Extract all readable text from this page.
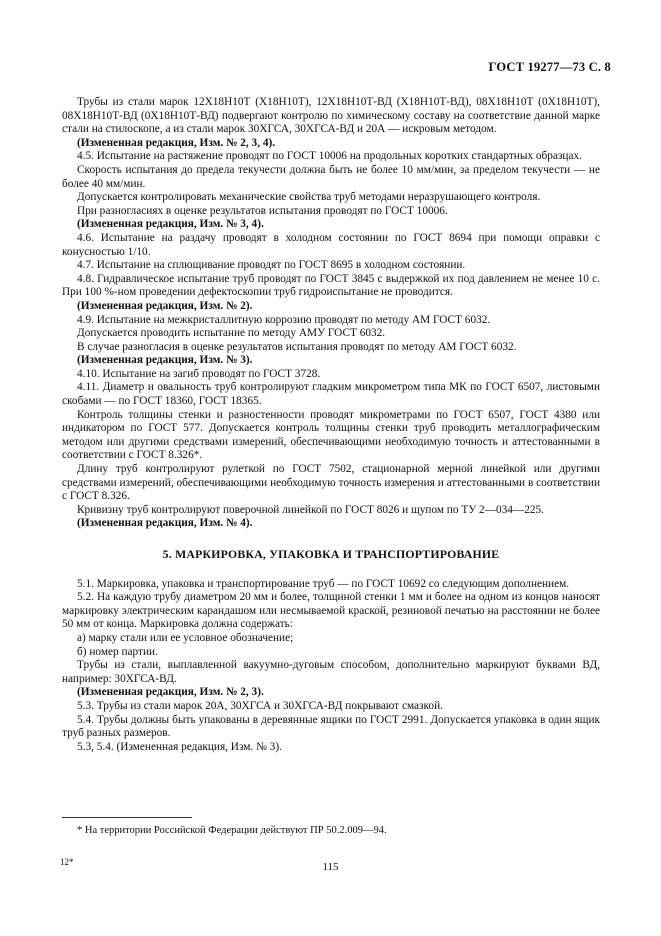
ГОСТ 19277—73 С. 8

Трубы из стали марок 12Х18Н10Т (Х18Н10Т), 12Х18Н10Т-ВД (Х18Н10Т-ВД), 08Х18Н10Т (0Х18Н10Т), 08Х18Н10Т-ВД (0Х18Н10Т-ВД) подвергают контролю по химическому составу на соответствие данной марке стали на стилоскопе, а из стали марок 30ХГСА, 30ХГСА-ВД и 20А — искровым методом.

(Измененная редакция, Изм. № 2, 3, 4).

4.5. Испытание на растяжение проводят по ГОСТ 10006 на продольных коротких стандартных образцах.

Скорость испытания до предела текучести должна быть не более 10 мм/мин, за пределом текучести — не более 40 мм/мин.

Допускается контролировать механические свойства труб методами неразрушающего контроля.

При разногласиях в оценке результатов испытания проводят по ГОСТ 10006.

(Измененная редакция, Изм. № 3, 4).

4.6. Испытание на раздачу проводят в холодном состоянии по ГОСТ 8694 при помощи оправки с конусностью 1/10.

4.7. Испытание на сплющивание проводят по ГОСТ 8695 в холодном состоянии.

4.8. Гидравлическое испытание труб проводят по ГОСТ 3845 с выдержкой их под давлением не менее 10 с. При 100 %-ном проведении дефектоскопии труб гидроиспытание не проводится.

(Измененная редакция, Изм. № 2).

4.9. Испытание на межкристаллитную коррозию проводят по методу АМ ГОСТ 6032.

Допускается проводить испытание по методу АМУ ГОСТ 6032.

В случае разногласия в оценке результатов испытания проводят по методу АМ ГОСТ 6032.

(Измененная редакция, Изм. № 3).

4.10. Испытание на загиб проводят по ГОСТ 3728.

4.11. Диаметр и овальность труб контролируют гладким микрометром типа МК по ГОСТ 6507, листовыми скобами — по ГОСТ 18360, ГОСТ 18365.

Контроль толщины стенки и разностенности проводят микрометрами по ГОСТ 6507, ГОСТ 4380 или индикатором по ГОСТ 577. Допускается контроль толщины стенки труб проводить металлографическим методом или другими средствами измерений, обеспечивающими необходимую точность и аттестованными в соответствии с ГОСТ 8.326*.

Длину труб контролируют рулеткой по ГОСТ 7502, стационарной мерной линейкой или другими средствами измерений, обеспечивающими необходимую точность измерения и аттестованными в соответствии с ГОСТ 8.326.

Кривизну труб контролируют поверочной линейкой по ГОСТ 8026 и щупом по ТУ 2—034—225.

(Измененная редакция, Изм. № 4).

5. МАРКИРОВКА, УПАКОВКА И ТРАНСПОРТИРОВАНИЕ

5.1. Маркировка, упаковка и транспортирование труб — по ГОСТ 10692 со следующим дополнением.

5.2. На каждую трубу диаметром 20 мм и более, толщиной стенки 1 мм и более на одном из концов наносят маркировку электрическим карандашом или несмываемой краской, резиновой печатью на расстоянии не более 50 мм от конца. Маркировка должна содержать:

а) марку стали или ее условное обозначение;

б) номер партии.

Трубы из стали, выплавленной вакуумно-дуговым способом, дополнительно маркируют буквами ВД, например: 30ХГСА-ВД.

(Измененная редакция, Изм. № 2, 3).

5.3. Трубы из стали марок 20А, 30ХГСА и 30ХГСА-ВД покрывают смазкой.

5.4. Трубы должны быть упакованы в деревянные ящики по ГОСТ 2991. Допускается упаковка в один ящик труб разных размеров.

5.3, 5.4. (Измененная редакция, Изм. № 3).

* На территории Российской Федерации действуют ПР 50.2.009—94.
12*	115
